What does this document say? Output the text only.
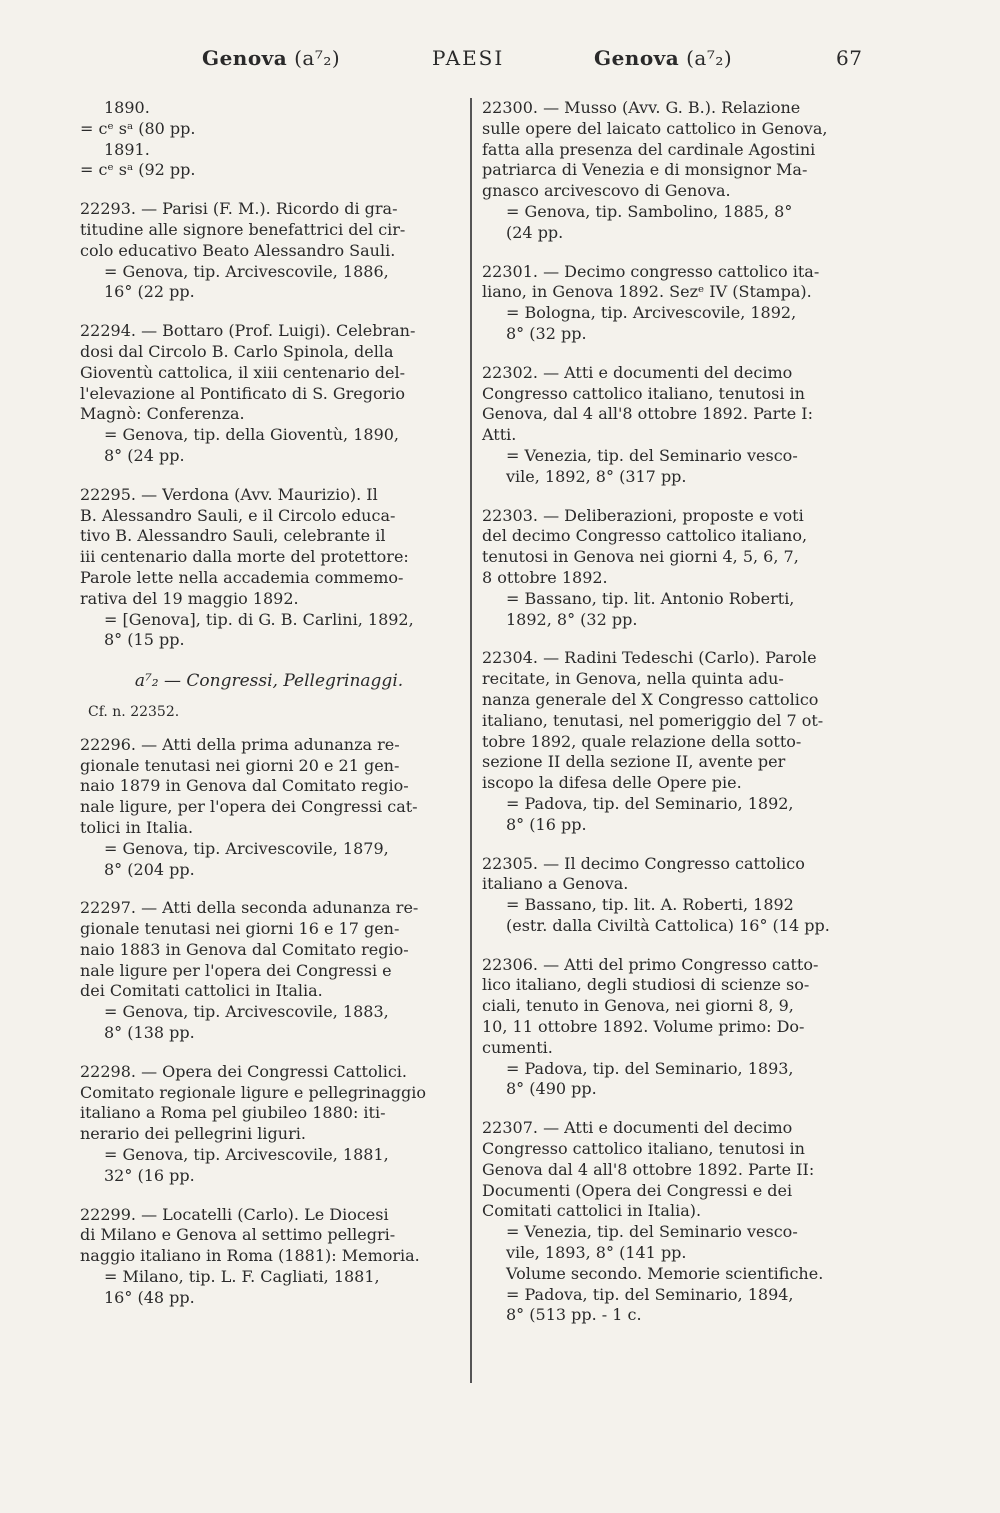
Genova (a⁷₂)	PAESI	Genova (a⁷₂)	67

1890.

= cᵉ sᵃ (80 pp.

1891.

= cᵉ sᵃ (92 pp.

22293. — Parisi (F. M.). Ricordo di gra-

titudine alle signore benefattrici del cir-

colo educativo Beato Alessandro Sauli.

= Genova, tip. Arcivescovile, 1886,

16° (22 pp.

22294. — Bottaro (Prof. Luigi). Celebran-

dosi dal Circolo B. Carlo Spinola, della

Gioventù cattolica, il xiii centenario del-

l'elevazione al Pontificato di S. Gregorio

Magnò: Conferenza.

= Genova, tip. della Gioventù, 1890,

8° (24 pp.

22295. — Verdona (Avv. Maurizio). Il

B. Alessandro Sauli, e il Circolo educa-

tivo B. Alessandro Sauli, celebrante il

iii centenario dalla morte del protettore:

Parole lette nella accademia commemo-

rativa del 19 maggio 1892.

= [Genova], tip. di G. B. Carlini, 1892,

8° (15 pp.

a⁷₂ — Congressi, Pellegrinaggi.
Cf. n. 22352.

22296. — Atti della prima adunanza re-

gionale tenutasi nei giorni 20 e 21 gen-

naio 1879 in Genova dal Comitato regio-

nale ligure, per l'opera dei Congressi cat-

tolici in Italia.

= Genova, tip. Arcivescovile, 1879,

8° (204 pp.

22297. — Atti della seconda adunanza re-

gionale tenutasi nei giorni 16 e 17 gen-

naio 1883 in Genova dal Comitato regio-

nale ligure per l'opera dei Congressi e

dei Comitati cattolici in Italia.

= Genova, tip. Arcivescovile, 1883,

8° (138 pp.

22298. — Opera dei Congressi Cattolici.

Comitato regionale ligure e pellegrinaggio

italiano a Roma pel giubileo 1880: iti-

nerario dei pellegrini liguri.

= Genova, tip. Arcivescovile, 1881,

32° (16 pp.

22299. — Locatelli (Carlo). Le Diocesi

di Milano e Genova al settimo pellegri-

naggio italiano in Roma (1881): Memoria.

= Milano, tip. L. F. Cagliati, 1881,

16° (48 pp.

22300. — Musso (Avv. G. B.). Relazione

sulle opere del laicato cattolico in Genova,

fatta alla presenza del cardinale Agostini

patriarca di Venezia e di monsignor Ma-

gnasco arcivescovo di Genova.

= Genova, tip. Sambolino, 1885, 8°

(24 pp.

22301. — Decimo congresso cattolico ita-

liano, in Genova 1892. Sezᵉ IV (Stampa).

= Bologna, tip. Arcivescovile, 1892,

8° (32 pp.

22302. — Atti e documenti del decimo

Congresso cattolico italiano, tenutosi in

Genova, dal 4 all'8 ottobre 1892. Parte I:

Atti.

= Venezia, tip. del Seminario vesco-

vile, 1892, 8° (317 pp.

22303. — Deliberazioni, proposte e voti

del decimo Congresso cattolico italiano,

tenutosi in Genova nei giorni 4, 5, 6, 7,

8 ottobre 1892.

= Bassano, tip. lit. Antonio Roberti,

1892, 8° (32 pp.

22304. — Radini Tedeschi (Carlo). Parole

recitate, in Genova, nella quinta adu-

nanza generale del X Congresso cattolico

italiano, tenutasi, nel pomeriggio del 7 ot-

tobre 1892, quale relazione della sotto-

sezione II della sezione II, avente per

iscopo la difesa delle Opere pie.

= Padova, tip. del Seminario, 1892,

8° (16 pp.

22305. — Il decimo Congresso cattolico

italiano a Genova.

= Bassano, tip. lit. A. Roberti, 1892

(estr. dalla Civiltà Cattolica) 16° (14 pp.

22306. — Atti del primo Congresso catto-

lico italiano, degli studiosi di scienze so-

ciali, tenuto in Genova, nei giorni 8, 9,

10, 11 ottobre 1892. Volume primo: Do-

cumenti.

= Padova, tip. del Seminario, 1893,

8° (490 pp.

22307. — Atti e documenti del decimo

Congresso cattolico italiano, tenutosi in

Genova dal 4 all'8 ottobre 1892. Parte II:

Documenti (Opera dei Congressi e dei

Comitati cattolici in Italia).

= Venezia, tip. del Seminario vesco-

vile, 1893, 8° (141 pp.

Volume secondo. Memorie scientifiche.

= Padova, tip. del Seminario, 1894,

8° (513 pp. - 1 c.
